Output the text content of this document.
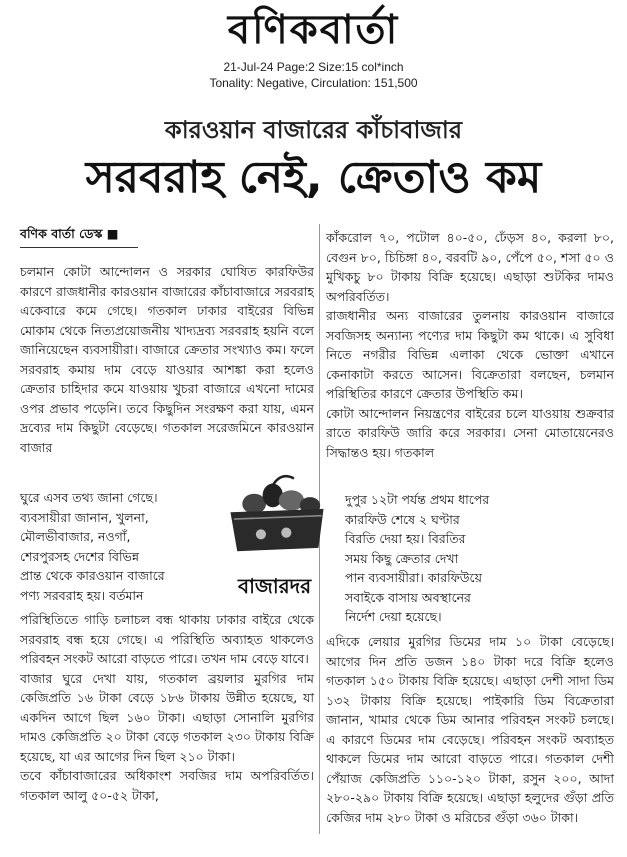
বণিকবার্তা
21-Jul-24 Page:2 Size:15 col*inch
Tonality: Negative, Circulation: 151,500
কারওয়ান বাজারের কাঁচাবাজার
সরবরাহ নেই, ক্রেতাও কম
বণিক বার্তা ডেস্ক ■

চলমান কোটা আন্দোলন ও সরকার ঘোষিত কারফিউর কারণে রাজধানীর কারওয়ান বাজারের কাঁচাবাজারে সরবরাহ একেবারে কমে গেছে। গতকাল ঢাকার বাইরের বিভিন্ন মোকাম থেকে নিত্যপ্রয়োজনীয় খাদ্যদ্রব্য সরবরাহ হয়নি বলে জানিয়েছেন ব্যবসায়ীরা। বাজারে ক্রেতার সংখ্যাও কম। ফলে সরবরাহ কমায় দাম বেড়ে যাওয়ার আশঙ্কা করা হলেও ক্রেতার চাহিদার কমে যাওয়ায় খুচরা বাজারে এখনো দামের ওপর প্রভাব পড়েনি। তবে কিছুদিন সংরক্ষণ করা যায়, এমন দ্রব্যের দাম কিছুটা বেড়েছে। গতকাল সরেজমিনে কারওয়ান বাজার

ঘুরে এসব তথ্য জানা গেছে।
ব্যবসায়ীরা জানান, খুলনা,
মৌলভীবাজার, নওগাঁ,
শেরপুরসহ দেশের বিভিন্ন
প্রান্ত থেকে কারওয়ান বাজারে
পণ্য সরবরাহ হয়। বর্তমান

পরিস্থিতিতে গাড়ি চলাচল বন্ধ থাকায় ঢাকার বাইরে থেকে সরবরাহ বন্ধ হয়ে গেছে। এ পরিস্থিতি অব্যাহত থাকলেও পরিবহন সংকট আরো বাড়তে পারে। তখন দাম বেড়ে যাবে।

বাজার ঘুরে দেখা যায়, গতকাল ব্রয়লার মুরগির দাম কেজিপ্রতি ১৬ টাকা বেড়ে ১৮৬ টাকায় উন্নীত হয়েছে, যা একদিন আগে ছিল ১৬০ টাকা। এছাড়া সোনালি মুরগির দামও কেজিপ্রতি ২০ টাকা বেড়ে গতকাল ২৩০ টাকায় বিক্রি হয়েছে, যা এর আগের দিন ছিল ২১০ টাকা।

তবে কাঁচাবাজারের অধিকাংশ সবজির দাম অপরিবর্তিত। গতকাল আলু ৫০-৫২ টাকা,

কাঁকরোল ৭০, পটোল ৪০-৫০, ঢেঁড়স ৪০, করলা ৮০, বেগুন ৮০, চিচিঙ্গা ৪০, বরবটি ৯০, পেঁপে ৫০, শসা ৫০ ও মুখিকচু ৮০ টাকায় বিক্রি হয়েছে। এছাড়া শুটকির দামও অপরিবর্তিত।

রাজধানীর অন্য বাজারের তুলনায় কারওয়ান বাজারে সবজিসহ অন্যান্য পণ্যের দাম কিছুটা কম থাকে। এ সুবিধা নিতে নগরীর বিভিন্ন এলাকা থেকে ভোক্তা এখানে কেনাকাটা করতে আসেন। বিক্রেতারা বলছেন, চলমান পরিস্থিতির কারণে ক্রেতার উপস্থিতি কম।

কোটা আন্দোলন নিয়ন্ত্রণের বাইরের চলে যাওয়ায় শুক্রবার রাতে কারফিউ জারি করে সরকার। সেনা মোতায়েনেরও সিদ্ধান্তও হয়। গতকাল

দুপুর ১২টা পর্যন্ত প্রথম ধাপের
কারফিউ শেষে ২ ঘণ্টার
বিরতি দেয়া হয়। বিরতির
সময় কিছু ক্রেতার দেখা
পান ব্যবসায়ীরা। কারফিউয়ে
সবাইকে বাসায় অবস্থানের
নির্দেশ দেয়া হয়েছে।

এদিকে লেয়ার মুরগির ডিমের দাম ১০ টাকা বেড়েছে। আগের দিন প্রতি ডজন ১৪০ টাকা দরে বিক্রি হলেও গতকাল ১৫০ টাকায় বিক্রি হয়েছে। এছাড়া দেশী সাদা ডিম ১৩২ টাকায় বিক্রি হয়েছে। পাইকারি ডিম বিক্রেতারা জানান, খামার থেকে ডিম আনার পরিবহন সংকট চলছে। এ কারণে ডিমের দাম বেড়েছে। পরিবহন সংকট অব্যাহত থাকলে ডিমের দাম আরো বাড়তে পারে। গতকাল দেশী পেঁয়াজ কেজিপ্রতি ১১০-১২০ টাকা, রসুন ২০০, আদা ২৮০-২৯০ টাকায় বিক্রি হয়েছে। এছাড়া হলুদের গুঁড়া প্রতি কেজির দাম ২৮০ টাকা ও মরিচের গুঁড়া ৩৬০ টাকা।

বাজারদর
